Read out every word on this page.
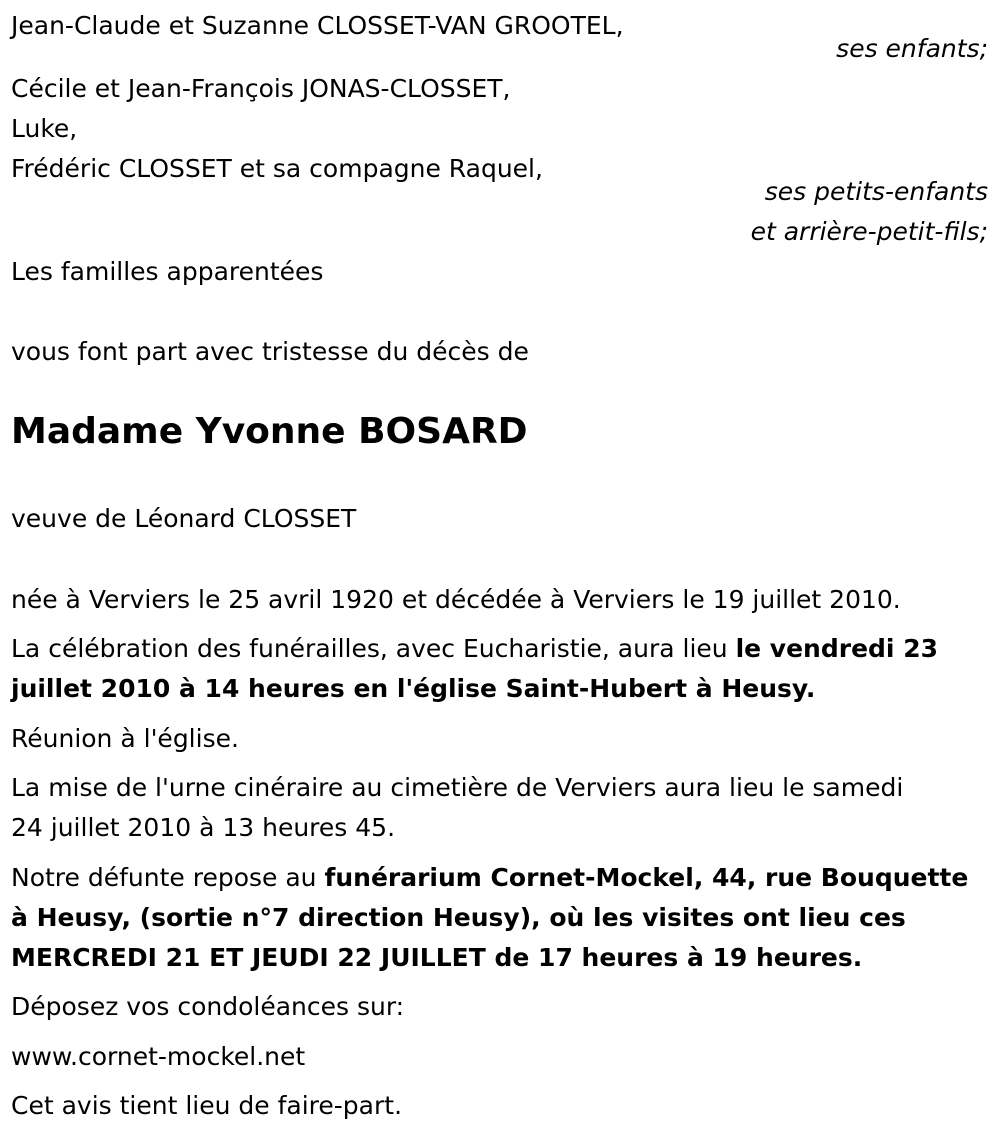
Jean-Claude et Suzanne CLOSSET-VAN GROOTEL,
ses enfants;
Cécile et Jean-François JONAS-CLOSSET,
Luke,
Frédéric CLOSSET et sa compagne Raquel,
ses petits-enfants
et arrière-petit-fils;
Les familles apparentées
vous font part avec tristesse du décès de
Madame Yvonne BOSARD
veuve de Léonard CLOSSET
née à Verviers le 25 avril 1920 et décédée à Verviers le 19 juillet 2010.
La célébration des funérailles, avec Eucharistie, aura lieu le vendredi 23
juillet 2010 à 14 heures en l'église Saint-Hubert à Heusy.
Réunion à l'église.
La mise de l'urne cinéraire au cimetière de Verviers aura lieu le samedi
24 juillet 2010 à 13 heures 45.
Notre défunte repose au funérarium Cornet-Mockel, 44, rue Bouquette
à Heusy, (sortie n°7 direction Heusy), où les visites ont lieu ces
MERCREDI 21 ET JEUDI 22 JUILLET de 17 heures à 19 heures.
Déposez vos condoléances sur:
www.cornet-mockel.net
Cet avis tient lieu de faire-part.
